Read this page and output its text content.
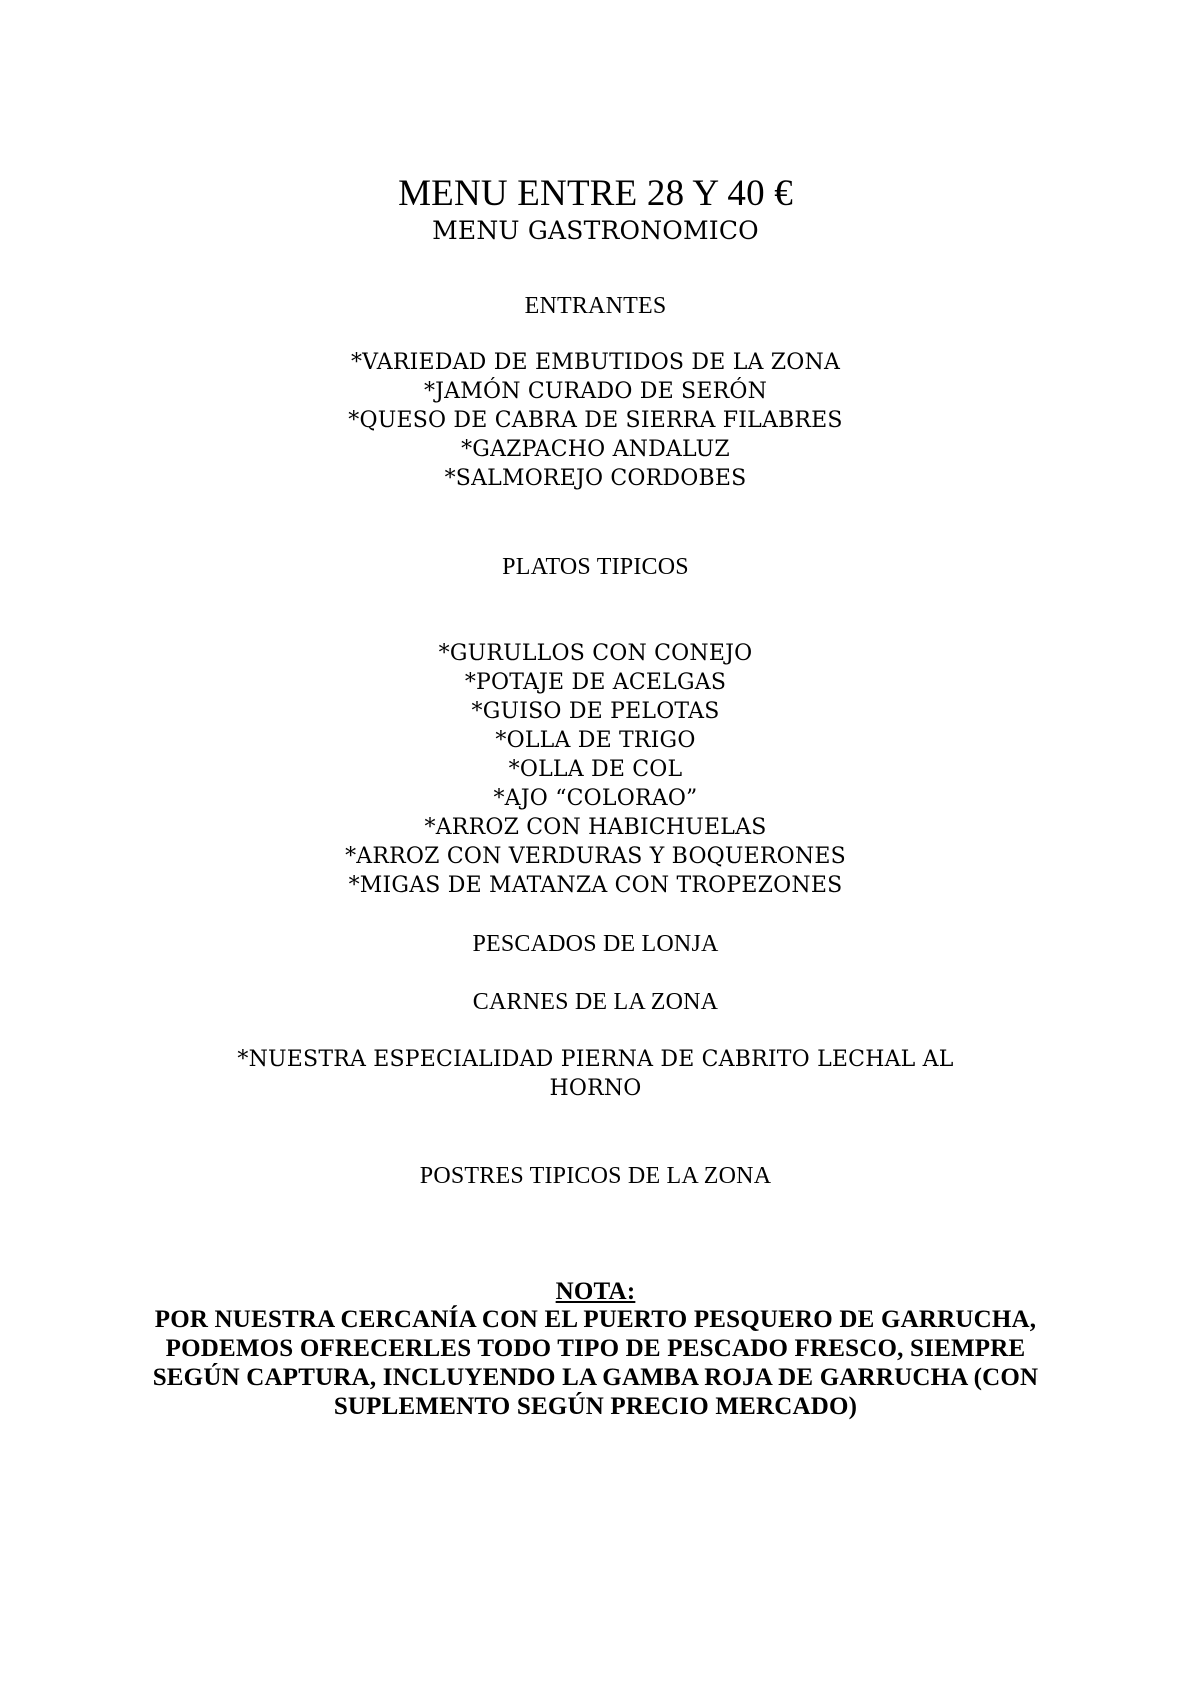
MENU ENTRE 28 Y 40 €
MENU GASTRONOMICO
ENTRANTES
*VARIEDAD DE EMBUTIDOS DE LA ZONA
*JAMÓN CURADO DE SERÓN
*QUESO DE CABRA DE SIERRA FILABRES
*GAZPACHO ANDALUZ
*SALMOREJO CORDOBES
PLATOS TIPICOS
*GURULLOS CON CONEJO
*POTAJE DE ACELGAS
*GUISO DE PELOTAS
*OLLA DE TRIGO
*OLLA DE COL
*AJO “COLORAO”
*ARROZ CON HABICHUELAS
*ARROZ CON VERDURAS Y BOQUERONES
*MIGAS DE MATANZA CON TROPEZONES
PESCADOS DE LONJA
CARNES DE LA ZONA
*NUESTRA ESPECIALIDAD PIERNA DE CABRITO LECHAL AL
HORNO
POSTRES TIPICOS DE LA ZONA
NOTA:
POR NUESTRA CERCANÍA CON EL PUERTO PESQUERO DE GARRUCHA,
PODEMOS OFRECERLES TODO TIPO DE PESCADO FRESCO, SIEMPRE
SEGÚN CAPTURA, INCLUYENDO LA GAMBA ROJA DE GARRUCHA (CON
SUPLEMENTO SEGÚN PRECIO MERCADO)
